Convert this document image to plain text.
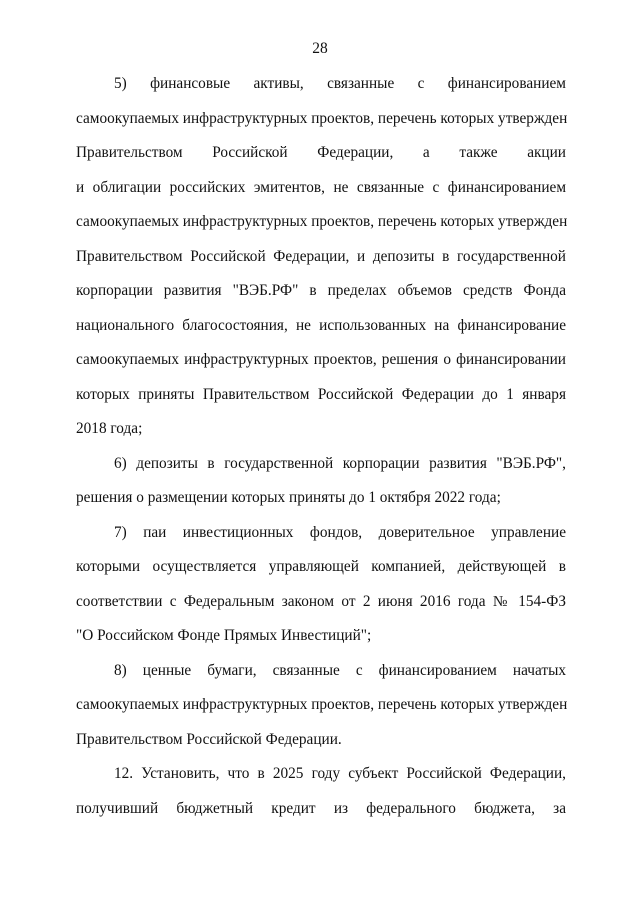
28
5) финансовые активы, связанные с финансированием
самоокупаемых инфраструктурных проектов, перечень которых утвержден
Правительством Российской Федерации, а также акции
и облигации российских эмитентов, не связанные с финансированием
самоокупаемых инфраструктурных проектов, перечень которых утвержден
Правительством Российской Федерации, и депозиты в государственной
корпорации развития "ВЭБ.РФ" в пределах объемов средств Фонда
национального благосостояния, не использованных на финансирование
самоокупаемых инфраструктурных проектов, решения о финансировании
которых приняты Правительством Российской Федерации до 1 января
2018 года;
6) депозиты в государственной корпорации развития "ВЭБ.РФ",
решения о размещении которых приняты до 1 октября 2022 года;
7) паи инвестиционных фондов, доверительное управление
которыми осуществляется управляющей компанией, действующей в
соответствии с Федеральным законом от 2 июня 2016 года № 154-ФЗ
"О Российском Фонде Прямых Инвестиций";
8) ценные бумаги, связанные с финансированием начатых
самоокупаемых инфраструктурных проектов, перечень которых утвержден
Правительством Российской Федерации.
12. Установить, что в 2025 году субъект Российской Федерации,
получивший бюджетный кредит из федерального бюджета, за
